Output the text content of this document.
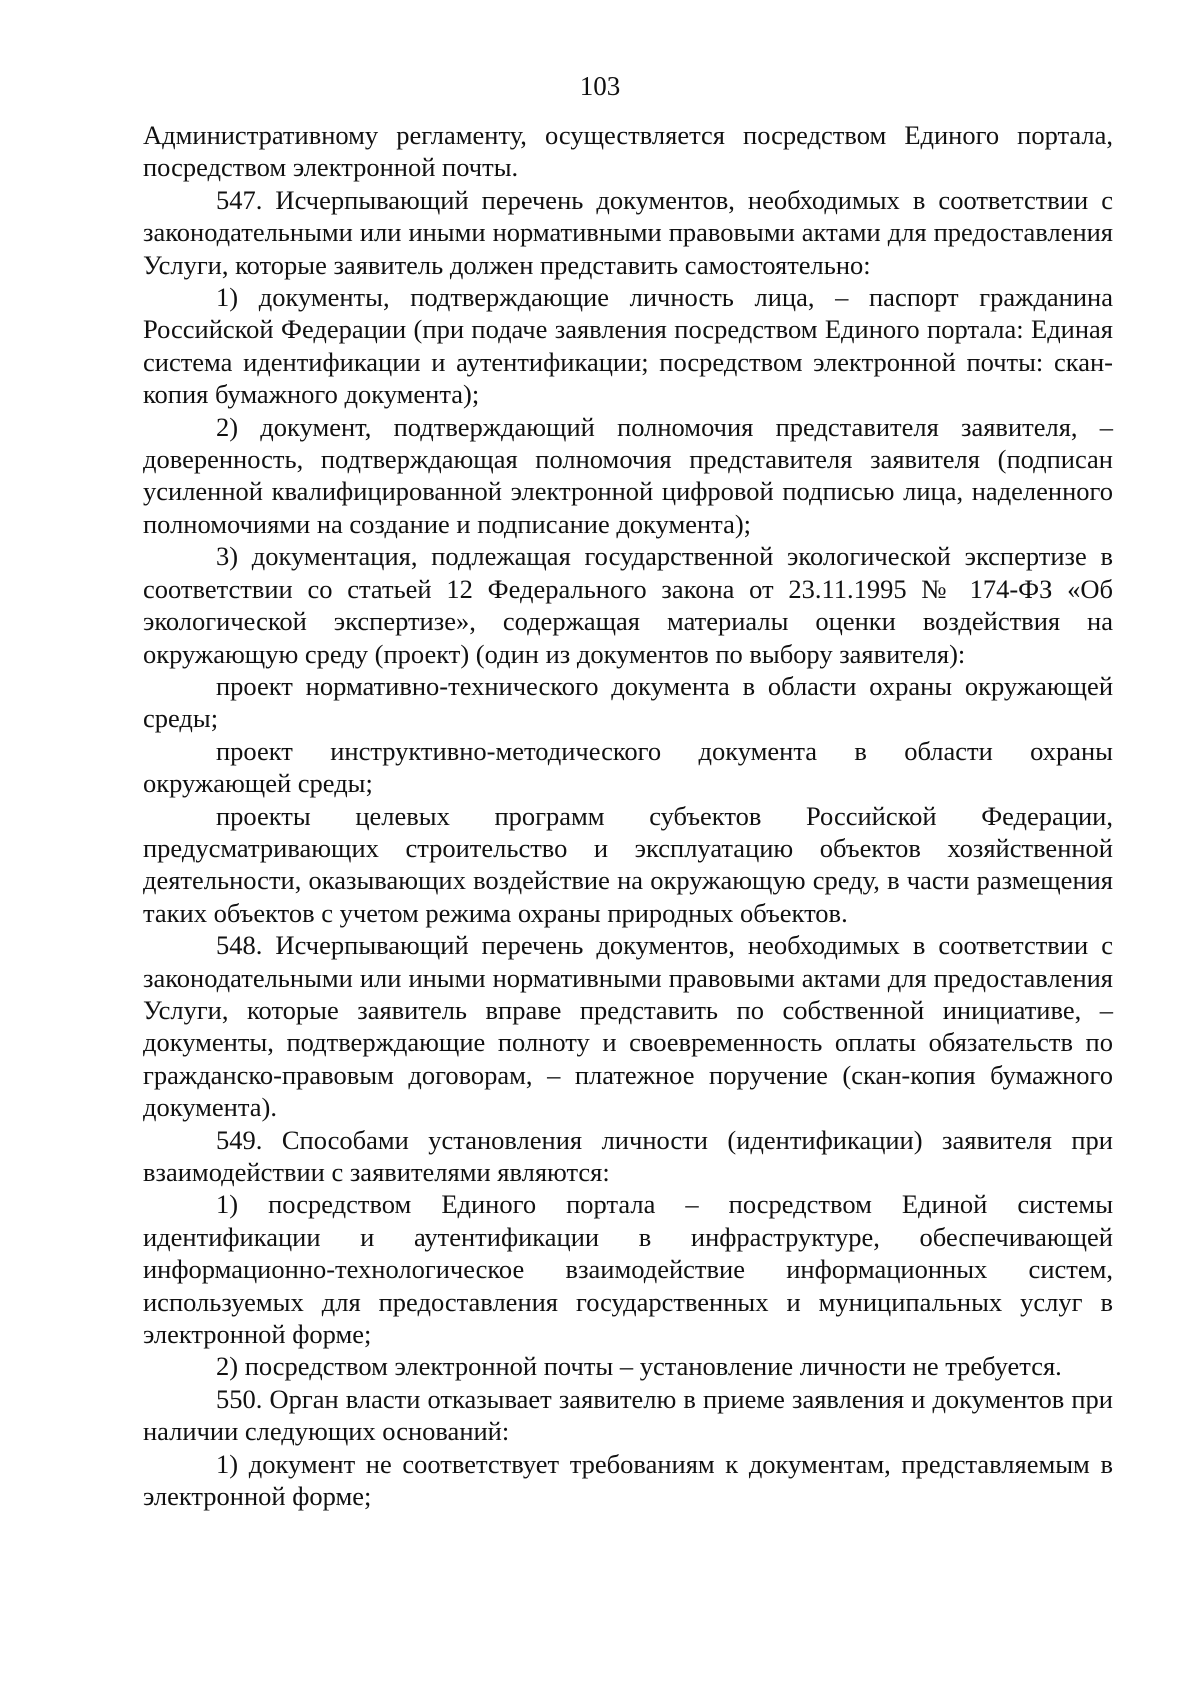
103

Административному регламенту, осуществляется посредством Единого портала, посредством электронной почты.

547. Исчерпывающий перечень документов, необходимых в соответствии с законодательными или иными нормативными правовыми актами для предоставления Услуги, которые заявитель должен представить самостоятельно:

1) документы, подтверждающие личность лица, – паспорт гражданина Российской Федерации (при подаче заявления посредством Единого портала: Единая система идентификации и аутентификации; посредством электронной почты: скан-копия бумажного документа);

2) документ, подтверждающий полномочия представителя заявителя, – доверенность, подтверждающая полномочия представителя заявителя (подписан усиленной квалифицированной электронной цифровой подписью лица, наделенного полномочиями на создание и подписание документа);

3) документация, подлежащая государственной экологической экспертизе в соответствии со статьей 12 Федерального закона от 23.11.1995 № 174-ФЗ «Об экологической экспертизе», содержащая материалы оценки воздействия на окружающую среду (проект) (один из документов по выбору заявителя):

проект нормативно-технического документа в области охраны окружающей среды;

проект инструктивно-методического документа в области охраны окружающей среды;

проекты целевых программ субъектов Российской Федерации, предусматривающих строительство и эксплуатацию объектов хозяйственной деятельности, оказывающих воздействие на окружающую среду, в части размещения таких объектов с учетом режима охраны природных объектов.

548. Исчерпывающий перечень документов, необходимых в соответствии с законодательными или иными нормативными правовыми актами для предоставления Услуги, которые заявитель вправе представить по собственной инициативе, – документы, подтверждающие полноту и своевременность оплаты обязательств по гражданско-правовым договорам, – платежное поручение (скан-копия бумажного документа).

549. Способами установления личности (идентификации) заявителя при взаимодействии с заявителями являются:

1) посредством Единого портала – посредством Единой системы идентификации и аутентификации в инфраструктуре, обеспечивающей информационно-технологическое взаимодействие информационных систем, используемых для предоставления государственных и муниципальных услуг в электронной форме;

2) посредством электронной почты – установление личности не требуется.

550. Орган власти отказывает заявителю в приеме заявления и документов при наличии следующих оснований:

1) документ не соответствует требованиям к документам, представляемым в электронной форме;
